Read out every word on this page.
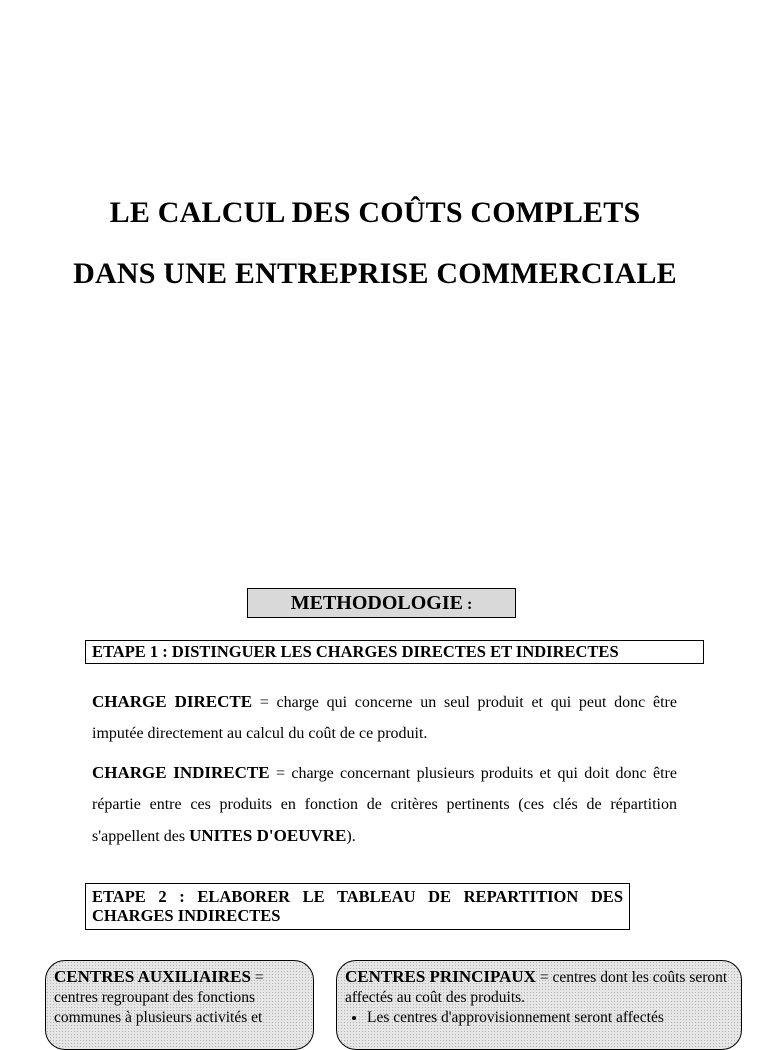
LE CALCUL DES COÛTS COMPLETS
DANS UNE ENTREPRISE COMMERCIALE
METHODOLOGIE :
ETAPE 1 : DISTINGUER LES CHARGES DIRECTES ET INDIRECTES
CHARGE DIRECTE = charge qui concerne un seul produit et qui peut donc être imputée directement au calcul du coût de ce produit.
CHARGE INDIRECTE = charge concernant plusieurs produits et qui doit donc être répartie entre ces produits en fonction de critères pertinents (ces clés de répartition s'appellent des UNITES D'OEUVRE).
ETAPE 2 : ELABORER LE TABLEAU DE REPARTITION DES CHARGES INDIRECTES
CENTRES AUXILIAIRES = centres regroupant des fonctions communes à plusieurs activités et
CENTRES PRINCIPAUX = centres dont les coûts seront affectés au coût des produits.
• Les centres d'approvisionnement seront affectés
